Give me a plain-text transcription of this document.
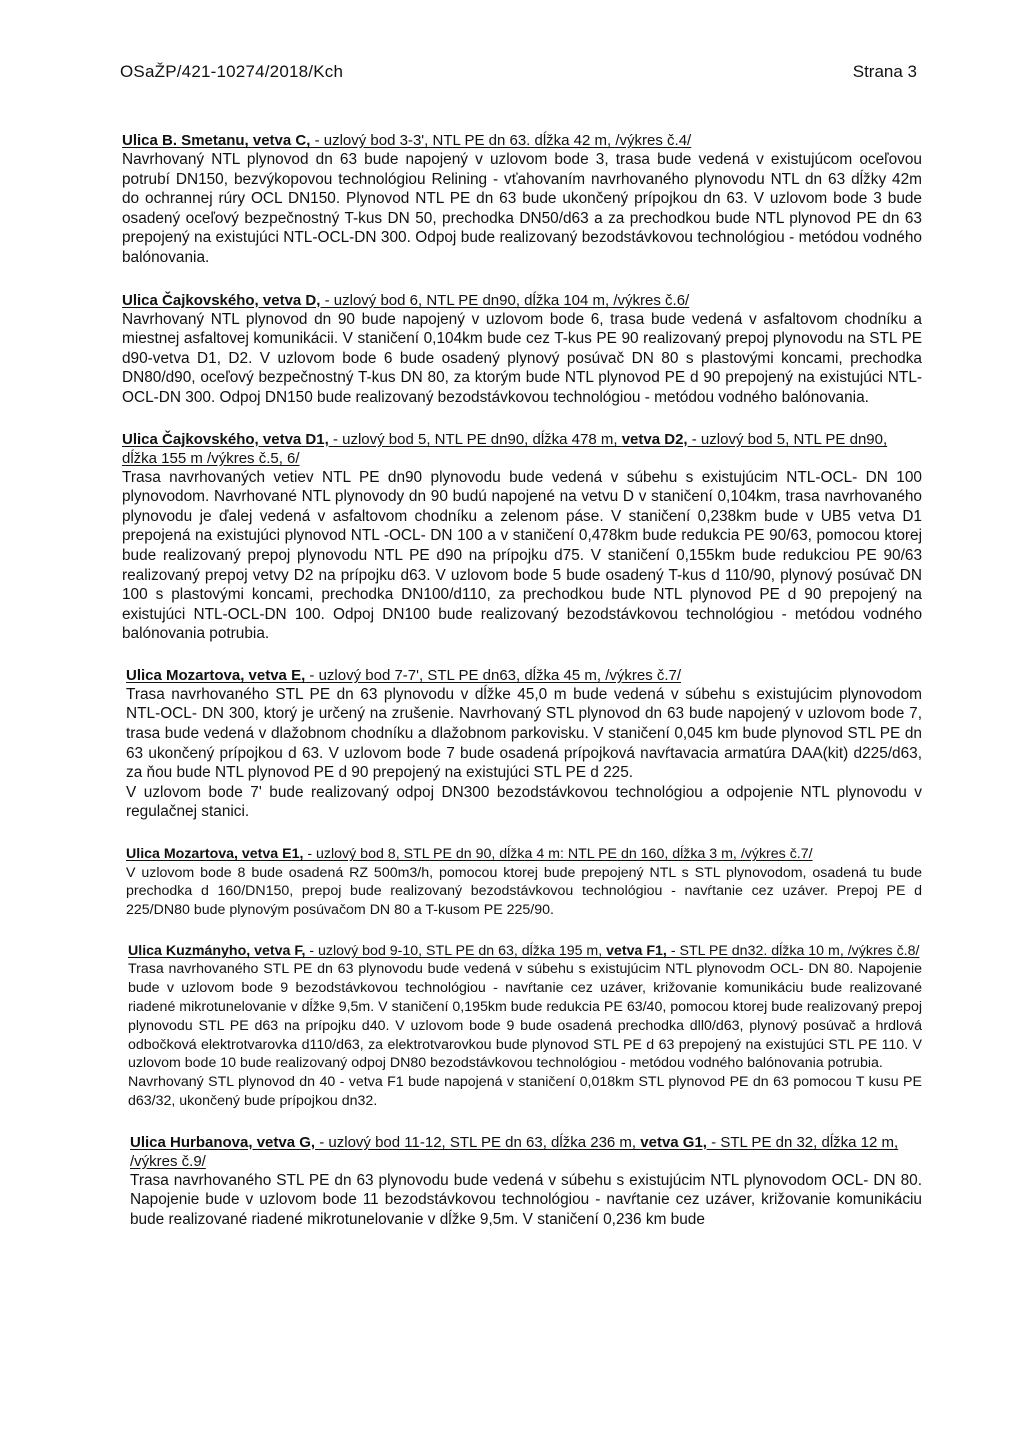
OSaŽP/421-10274/2018/Kch	Strana 3

Ulica B. Smetanu, vetva C, - uzlový bod 3-3', NTL PE dn 63. dĺžka 42 m, /výkres č.4/

Navrhovaný NTL plynovod dn 63 bude napojený v uzlovom bode 3, trasa bude vedená v existujúcom oceľovou potrubí DN150, bezvýkopovou technológiou Relining - vťahovaním navrhovaného plynovodu NTL dn 63 dĺžky 42m do ochrannej rúry OCL DN150. Plynovod NTL PE dn 63 bude ukončený prípojkou dn 63. V uzlovom bode 3 bude osadený oceľový bezpečnostný T-kus DN 50, prechodka DN50/d63 a za prechodkou bude NTL plynovod PE dn 63 prepojený na existujúci NTL-OCL-DN 300. Odpoj bude realizovaný bezodstávkovou technológiou - metódou vodného balónovania.

Ulica Čajkovského, vetva D, - uzlový bod 6, NTL PE dn90, dĺžka 104 m, /výkres č.6/

Navrhovaný NTL plynovod dn 90 bude napojený v uzlovom bode 6, trasa bude vedená v asfaltovom chodníku a miestnej asfaltovej komunikácii. V staničení 0,104km bude cez T-kus PE 90 realizovaný prepoj plynovodu na STL PE d90-vetva D1, D2. V uzlovom bode 6 bude osadený plynový posúvač DN 80 s plastovými koncami, prechodka DN80/d90, oceľový bezpečnostný T-kus DN 80, za ktorým bude NTL plynovod PE d 90 prepojený na existujúci NTL-OCL-DN 300. Odpoj DN150 bude realizovaný bezodstávkovou technológiou - metódou vodného balónovania.

Ulica Čajkovského, vetva D1, - uzlový bod 5, NTL PE dn90, dĺžka 478 m, vetva D2, - uzlový bod 5, NTL PE dn90, dĺžka 155 m /výkres č.5, 6/

Trasa navrhovaných vetiev NTL PE dn90 plynovodu bude vedená v súbehu s existujúcim NTL-OCL- DN 100 plynovodom. Navrhované NTL plynovody dn 90 budú napojené na vetvu D v staničení 0,104km, trasa navrhovaného plynovodu je ďalej vedená v asfaltovom chodníku a zelenom páse. V staničení 0,238km bude v UB5 vetva D1 prepojená na existujúci plynovod NTL -OCL- DN 100 a v staničení 0,478km bude redukcia PE 90/63, pomocou ktorej bude realizovaný prepoj plynovodu NTL PE d90 na prípojku d75. V staničení 0,155km bude redukciou PE 90/63 realizovaný prepoj vetvy D2 na prípojku d63. V uzlovom bode 5 bude osadený T-kus d 110/90, plynový posúvač DN 100 s plastovými koncami, prechodka DN100/d110, za prechodkou bude NTL plynovod PE d 90 prepojený na existujúci NTL-OCL-DN 100. Odpoj DN100 bude realizovaný bezodstávkovou technológiou - metódou vodného balónovania potrubia.

Ulica Mozartova, vetva E, - uzlový bod 7-7', STL PE dn63, dĺžka 45 m, /výkres č.7/

Trasa navrhovaného STL PE dn 63 plynovodu v dĺžke 45,0 m bude vedená v súbehu s existujúcim plynovodom NTL-OCL- DN 300, ktorý je určený na zrušenie. Navrhovaný STL plynovod dn 63 bude napojený v uzlovom bode 7, trasa bude vedená v dlažobnom chodníku a dlažobnom parkovisku. V staničení 0,045 km bude plynovod STL PE dn 63 ukončený prípojkou d 63. V uzlovom bode 7 bude osadená prípojková navŕtavacia armatúra DAA(kit) d225/d63, za ňou bude NTL plynovod PE d 90 prepojený na existujúci STL PE d 225.

V uzlovom bode 7' bude realizovaný odpoj DN300 bezodstávkovou technológiou a odpojenie NTL plynovodu v regulačnej stanici.

Ulica Mozartova, vetva E1, - uzlový bod 8, STL PE dn 90, dĺžka 4 m: NTL PE dn 160, dĺžka 3 m, /výkres č.7/

V uzlovom bode 8 bude osadená RZ 500m3/h, pomocou ktorej bude prepojený NTL s STL plynovodom, osadená tu bude prechodka d 160/DN150, prepoj bude realizovaný bezodstávkovou technológiou - navŕtanie cez uzáver. Prepoj PE d 225/DN80 bude plynovým posúvačom DN 80 a T-kusom PE 225/90.

Ulica Kuzmányho, vetva F, - uzlový bod 9-10, STL PE dn 63, dĺžka 195 m, vetva F1, - STL PE dn32. dĺžka 10 m, /výkres č.8/

Trasa navrhovaného STL PE dn 63 plynovodu bude vedená v súbehu s existujúcim NTL plynovodm OCL- DN 80. Napojenie bude v uzlovom bode 9 bezodstávkovou technológiou - navŕtanie cez uzáver, križovanie komunikáciu bude realizované riadené mikrotunelovanie v dĺžke 9,5m. V staničení 0,195km bude redukcia PE 63/40, pomocou ktorej bude realizovaný prepoj plynovodu STL PE d63 na prípojku d40. V uzlovom bode 9 bude osadená prechodka dll0/d63, plynový posúvač a hrdlová odbočková elektrotvarovka d110/d63, za elektrotvarovkou bude plynovod STL PE d 63 prepojený na existujúci STL PE 110. V uzlovom bode 10 bude realizovaný odpoj DN80 bezodstávkovou technológiou - metódou vodného balónovania potrubia.

Navrhovaný STL plynovod dn 40 - vetva F1 bude napojená v staničení 0,018km STL plynovod PE dn 63 pomocou T kusu PE d63/32, ukončený bude prípojkou dn32.

Ulica Hurbanova, vetva G, - uzlový bod 11-12, STL PE dn 63, dĺžka 236 m, vetva G1, - STL PE dn 32, dĺžka 12 m, /výkres č.9/

Trasa navrhovaného STL PE dn 63 plynovodu bude vedená v súbehu s existujúcim NTL plynovodom OCL- DN 80. Napojenie bude v uzlovom bode 11 bezodstávkovou technológiou - navŕtanie cez uzáver, križovanie komunikáciu bude realizované riadené mikrotunelovanie v dĺžke 9,5m. V staničení 0,236 km bude
